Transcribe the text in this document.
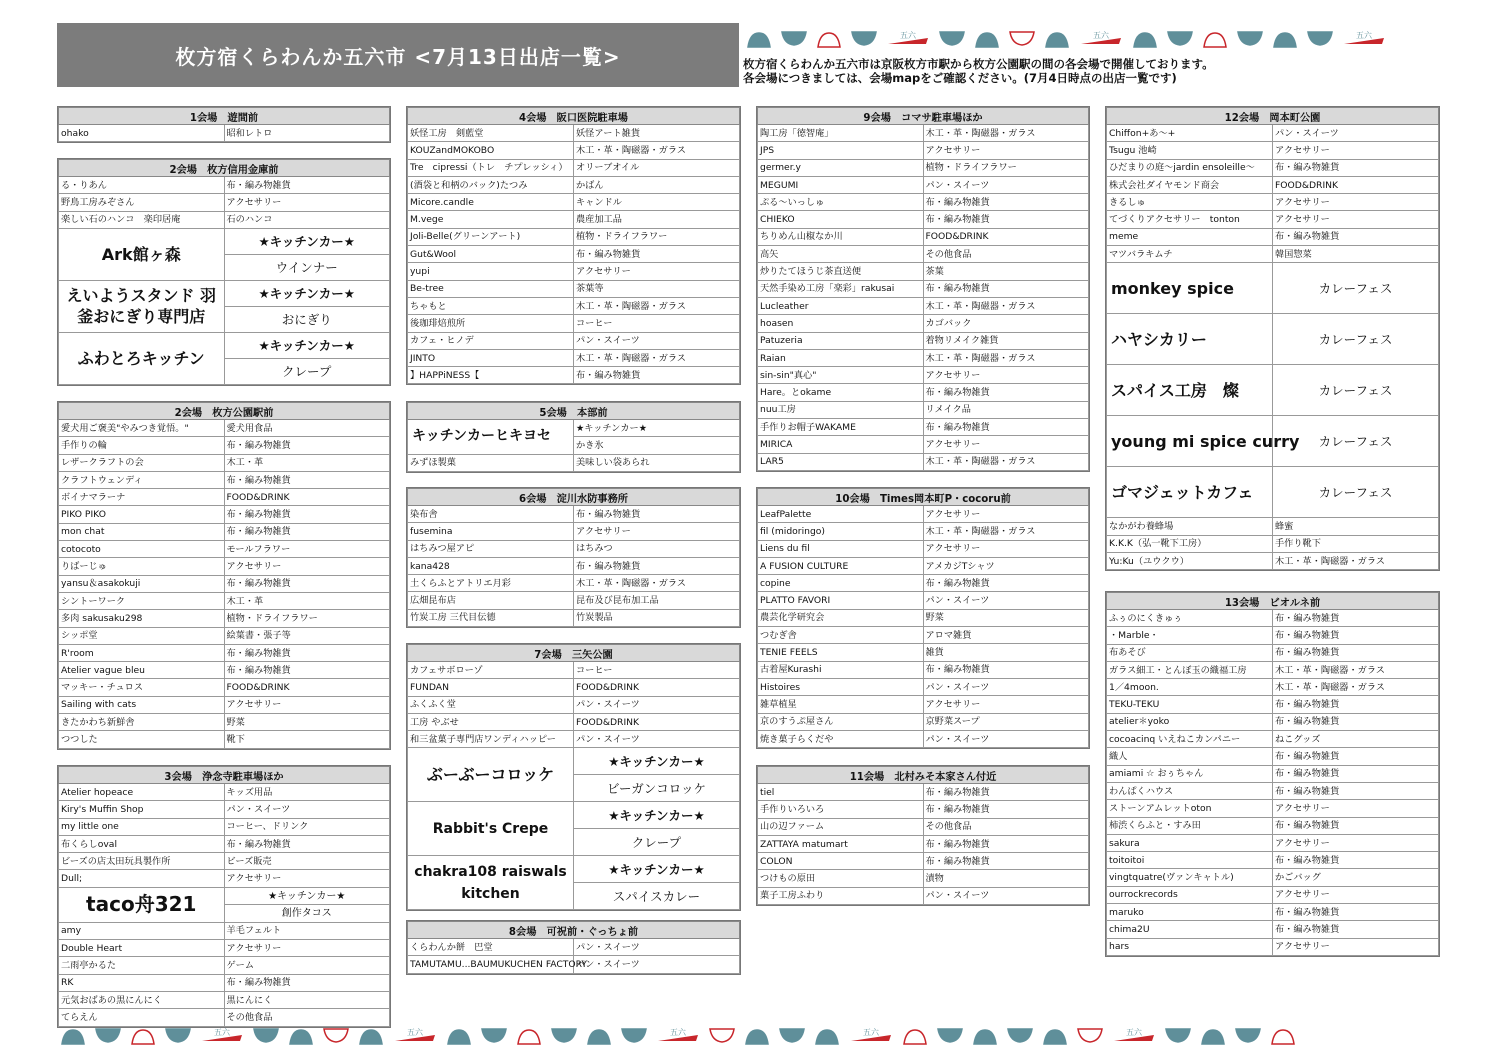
枚方宿くらわんか五六市 <7月13日出店一覧>	枚方宿くらわんか五六市は京阪枚方市駅から枚方公園駅の間の各会場で開催しております。
各会場につきましては、会場mapをご確認ください。(7月4日時点の出店一覧です)
五六	五六	五六
五六	五六	五六	五六	五六
1会場　遊間前
ohako	昭和レトロ
2会場　枚方信用金庫前	
る・りあん	布・編み物雑貨
野鳥工房みぞさん	アクセサリー
楽しい石のハンコ　楽印居庵	石のハンコ
Ark館ヶ森	★キッチンカー★
	ウインナー
えいようスタンド 羽釜おにぎり専門店	★キッチンカー★
	おにぎり
ふわとろキッチン	★キッチンカー★
	クレープ
2会場　枚方公園駅前	
愛犬用ご褒美"やみつき覚悟。"	愛犬用食品
手作りの輪	布・編み物雑貨
レザークラフトの会	木工・革
クラフトウェンディ	布・編み物雑貨
ボイナマラーナ	FOOD&DRINK
PIKO PIKO	布・編み物雑貨
mon chat	布・編み物雑貨
cotocoto	モールフラワー
りばーじゅ	アクセサリー
yansu＆asakokuji	布・編み物雑貨
シントーワーク	木工・革
多肉 sakusaku298	植物・ドライフラワー
シッポ堂	絵葉書・張子等
R'room	布・編み物雑貨
Atelier vague bleu	布・編み物雑貨
マッキー・チュロス	FOOD&DRINK
Sailing with cats	アクセサリー
きたかわち新鮮舎	野菜
つつした	靴下
3会場　浄念寺駐車場ほか	
Atelier hopeace	キッズ用品
Kiry's Muffin Shop	パン・スイーツ
my little one	コーヒー、ドリンク
布くらしoval	布・編み物雑貨
ビーズの店太田玩具製作所	ビーズ販売
Dull;	アクセサリー
taco舟321	★キッチンカー★
	創作タコス
amy	羊毛フェルト
Double Heart	アクセサリー
二雨亭かるた	ゲーム
RK	布・編み物雑貨
元気おばあの黒にんにく	黒にんにく
てらえん	その他食品
4会場　阪口医院駐車場	
妖怪工房　剣藍堂	妖怪アート雑貨
KOUZandMOKOBO	木工・革・陶磁器・ガラス
Tre　cipressi（トレ　チプレッシィ）	オリーブオイル
(酒袋と和柄のバック)たつみ	かばん
Micore.candle	キャンドル
M.vege	農産加工品
Joli-Belle(グリーンアート)	植物・ドライフラワー
Gut&Wool	布・編み物雑貨
yupi	アクセサリー
Be-tree	茶葉等
ちゃもと	木工・革・陶磁器・ガラス
後珈琲焙煎所	コーヒー
カフェ・ヒノデ	パン・スイーツ
JINTO	木工・革・陶磁器・ガラス
】HAPPiNESS【	布・編み物雑貨
5会場　本部前	
キッチンカーヒキヨセ	★キッチンカー★
	かき氷
みずほ製菓	美味しい袋あられ
6会場　淀川水防事務所	
染布舎	布・編み物雑貨
fusemina	アクセサリー
はちみつ屋アピ	はちみつ
kana428	布・編み物雑貨
土くらふとアトリエ月彩	木工・革・陶磁器・ガラス
広畑昆布店	昆布及び昆布加工品
竹炭工房 三代目伝德	竹炭製品
7会場　三矢公園	
カフェサボローゾ	コーヒー
FUNDAN	FOOD&DRINK
ふくふく堂	パン・スイーツ
工房 やぶせ	FOOD&DRINK
和三盆菓子専門店ワンディハッピー	パン・スイーツ
ぶーぶーコロッケ	★キッチンカー★
	ビーガンコロッケ
Rabbit's Crepe	★キッチンカー★
	クレープ
chakra108 raiswals kitchen	★キッチンカー★
	スパイスカレー
8会場　可祝前・ぐっちょ前	
くらわんか餅　巴堂	パン・スイーツ
TAMUTAMU...BAUMUKUCHEN FACTORY	パン・スイーツ
9会場　コマサ駐車場ほか	
陶工房「徳智庵」	木工・革・陶磁器・ガラス
JPS	アクセサリー
germer.y	植物・ドライフラワー
MEGUMI	パン・スイーツ
ぷる〜いっしゅ	布・編み物雑貨
CHIEKO	布・編み物雑貨
ちりめん山椒なか川	FOOD&DRINK
高矢	その他食品
炒りたてほうじ茶直送便	茶葉
天然手染め工房「楽彩」rakusai	布・編み物雑貨
Lucleather	木工・革・陶磁器・ガラス
hoasen	カゴバック
Patuzeria	着物リメイク雑貨
Raian	木工・革・陶磁器・ガラス
sin-sin"真心"	アクセサリー
Hare。とokame	布・編み物雑貨
nuu工房	リメイク品
手作りお帽子WAKAME	布・編み物雑貨
MIRICA	アクセサリー
LAR5	木工・革・陶磁器・ガラス
10会場　Times岡本町P・cocoru前	
LeafPalette	アクセサリー
fil (midoringo)	木工・革・陶磁器・ガラス
Liens du fil	アクセサリー
A FUSION CULTURE	アメカジTシャツ
copine	布・編み物雑貨
PLATTO FAVORI	パン・スイーツ
農芸化学研究会	野菜
つむぎ舎	アロマ雑貨
TENIE FEELS	雑貨
古着屋Kurashi	布・編み物雑貨
Histoires	パン・スイーツ
雑草植星	アクセサリー
京のすうぷ屋さん	京野菜スープ
焼き菓子らくだや	パン・スイーツ
11会場　北村みそ本家さん付近	
tiel	布・編み物雑貨
手作りいろいろ	布・編み物雑貨
山の辺ファーム	その他食品
ZATTAYA matumart	布・編み物雑貨
COLON	布・編み物雑貨
つけもの原田	漬物
菓子工房ふわり	パン・スイーツ
12会場　岡本町公園	
Chiffon+あ〜+	パン・スイーツ
Tsugu 池崎	アクセサリー
ひだまりの庭〜jardin ensoleille〜	布・編み物雑貨
株式会社ダイヤモンド商会	FOOD&DRINK
きるしゅ	アクセサリー
てづくりアクセサリー　tonton	アクセサリー
meme	布・編み物雑貨
マツバラキムチ	韓国惣菜
monkey spice	カレーフェス
ハヤシカリー	カレーフェス
スパイス工房　燦	カレーフェス
young mi spice curry	カレーフェス
ゴマジェットカフェ	カレーフェス
なかがわ養蜂場	蜂蜜
K.K.K（弘一靴下工房）	手作り靴下
Yu:Ku（ユウクウ）	木工・革・陶磁器・ガラス
13会場　ビオルネ前	
ふぅのにくきゅぅ	布・編み物雑貨
・Marble・	布・編み物雑貨
布あそび	布・編み物雑貨
ガラス細工・とんぼ玉の織福工房	木工・革・陶磁器・ガラス
1／4moon.	木工・革・陶磁器・ガラス
TEKU-TEKU	布・編み物雑貨
atelier＊yoko	布・編み物雑貨
cocoacinq いえねこカンパニー	ねこグッズ
織人	布・編み物雑貨
amiami ☆ おぅちゃん	布・編み物雑貨
わんぱくハウス	布・編み物雑貨
ストーンアムレットoton	アクセサリー
柿渋くらふと・すみ田	布・編み物雑貨
sakura	アクセサリー
toitoitoi	布・編み物雑貨
vingtquatre(ヴァンキャトル)	かごバッグ
ourrockrecords	アクセサリー
maruko	布・編み物雑貨
chima2U	布・編み物雑貨
hars	アクセサリー
